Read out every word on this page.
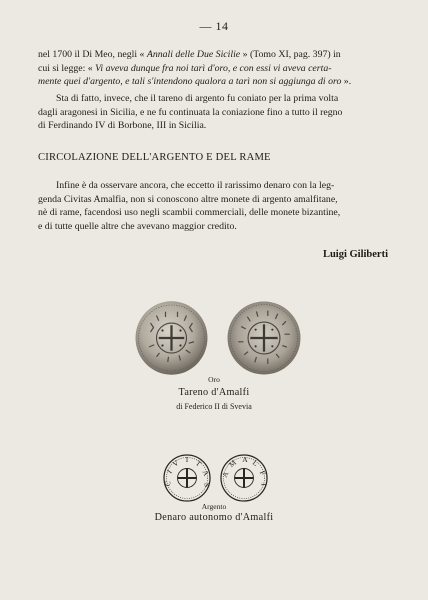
— 14
nel 1700 il Di Meo, negli « Annali delle Due Sicilie » (Tomo XI, pag. 397) in
cui si legge: « Vi aveva dunque fra noi tarì d'oro, e con essi vi aveva certa-
mente quei d'argento, e tali s'intendono qualora a tarì non si aggiunga di oro ».
Sta di fatto, invece, che il tareno di argento fu coniato per la prima volta
dagli aragonesi in Sicilia, e ne fu continuata la coniazione fino a tutto il regno
di Ferdinando IV di Borbone, III in Sicilia.
CIRCOLAZIONE DELL'ARGENTO E DEL RAME
Infine è da osservare ancora, che eccetto il rarissimo denaro con la leg-
genda Civitas Amalfia, non si conoscono altre monete di argento amalfitane,
nè di rame, facendosi uso negli scambii commerciali, delle monete bizantine,
e di tutte quelle altre che avevano maggior credito.
Luigi Giliberti
Oro
Tareno d'Amalfi
di Federico II di Svevia
C
I
V I T
A
S
A
M A L
F
I
Argento
Denaro autonomo d'Amalfi
